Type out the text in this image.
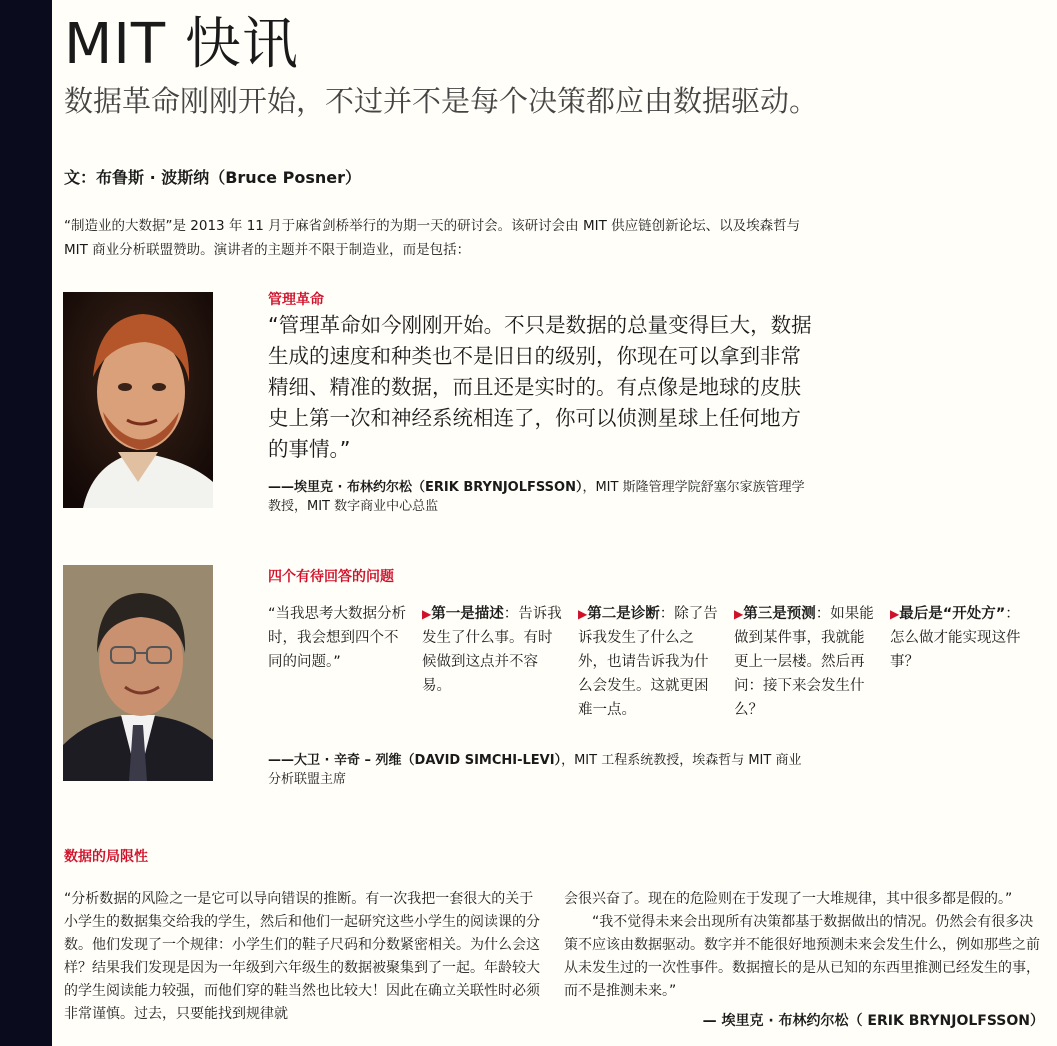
MIT 快讯
数据革命刚刚开始，不过并不是每个决策都应由数据驱动。
文：布鲁斯 · 波斯纳（Bruce Posner）
“制造业的大数据”是 2013 年 11 月于麻省剑桥举行的为期一天的研讨会。该研讨会由 MIT 供应链创新论坛、以及埃森哲与 MIT 商业分析联盟赞助。演讲者的主题并不限于制造业，而是包括：
管理革命
“管理革命如今刚刚开始。不只是数据的总量变得巨大，数据生成的速度和种类也不是旧日的级别，你现在可以拿到非常精细、精准的数据，而且还是实时的。有点像是地球的皮肤史上第一次和神经系统相连了，你可以侦测星球上任何地方的事情。”
——埃里克 · 布林约尔松（ERIK BRYNJOLFSSON），MIT 斯隆管理学院舒塞尔家族管理学教授，MIT 数字商业中心总监
四个有待回答的问题
“当我思考大数据分析时，我会想到四个不同的问题。”
▶第一是描述：告诉我发生了什么事。有时候做到这点并不容易。
▶第二是诊断：除了告诉我发生了什么之外，也请告诉我为什么会发生。这就更困难一点。
▶第三是预测：如果能做到某件事，我就能更上一层楼。然后再问：接下来会发生什么？
▶最后是“开处方”：怎么做才能实现这件事？
——大卫 · 辛奇 – 列维（DAVID SIMCHI-LEVI），MIT 工程系统教授，埃森哲与 MIT 商业分析联盟主席
数据的局限性
“分析数据的风险之一是它可以导向错误的推断。有一次我把一套很大的关于小学生的数据集交给我的学生，然后和他们一起研究这些小学生的阅读课的分数。他们发现了一个规律：小学生们的鞋子尺码和分数紧密相关。为什么会这样？结果我们发现是因为一年级到六年级生的数据被聚集到了一起。年龄较大的学生阅读能力较强，而他们穿的鞋当然也比较大！因此在确立关联性时必须非常谨慎。过去，只要能找到规律就
会很兴奋了。现在的危险则在于发现了一大堆规律，其中很多都是假的。”
“我不觉得未来会出现所有决策都基于数据做出的情况。仍然会有很多决策不应该由数据驱动。数字并不能很好地预测未来会发生什么，例如那些之前从未发生过的一次性事件。数据擅长的是从已知的东西里推测已经发生的事，而不是推测未来。”
— 埃里克 · 布林约尔松（ ERIK BRYNJOLFSSON）
